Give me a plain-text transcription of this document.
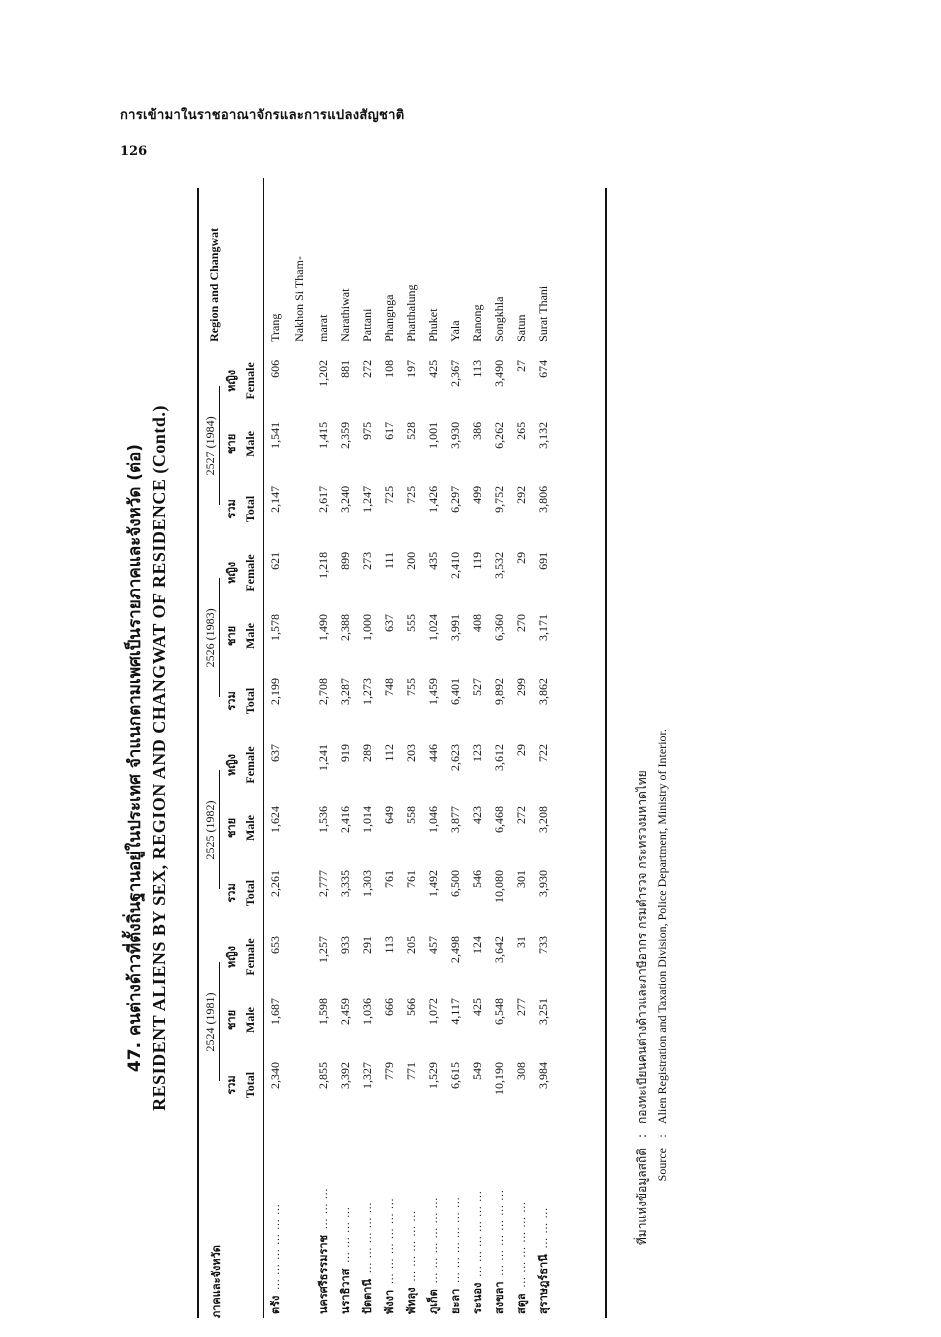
การเข้ามาในราชอาณาจักรและการแปลงสัญชาติ
126
47. คนต่างด้าวที่ตั้งถิ่นฐานอยู่ในประเทศ จำแนกตามเพศเป็นรายภาคและจังหวัด (ต่อ) RESIDENT ALIENS BY SEX, REGION AND CHANGWAT OF RESIDENCE (Contd.)
ภาคและจังหวัด	2524 (1981)			2525 (1982)			2526 (1983)			2527 (1984)			Region and Changwat
	รวม	ชาย	หญิง	รวม	ชาย	หญิง	รวม	ชาย	หญิง	รวม	ชาย	หญิง	
	Total	Male	Female	Total	Male	Female	Total	Male	Female	Total	Male	Female	

ตรัง... ... ... ... ... ...	2,340	1,687	653	2,261	1,624	637	2,199	1,578	621	2,147	1,541	606	Trang
													Nakhon Si Tham-
นครศรีธรรมราช... ... ...	2,855	1,598	1,257	2,777	1,536	1,241	2,708	1,490	1,218	2,617	1,415	1,202	marat
นราธิวาส... ... ... ...	3,392	2,459	933	3,335	2,416	919	3,287	2,388	899	3,240	2,359	881	Narathiwat
ปัตตานี... ... ... ... ...	1,327	1,036	291	1,303	1,014	289	1,273	1,000	273	1,247	975	272	Pattani
พังงา... ... ... ... ... ...	779	666	113	761	649	112	748	637	111	725	617	108	Phangnga
พัทลุง... ... ... ... ...	771	566	205	761	558	203	755	555	200	725	528	197	Phatthalung
ภูเก็ต... ... ... ... ... ...	1,529	1,072	457	1,492	1,046	446	1,459	1,024	435	1,426	1,001	425	Phuket
ยะลา... ... ... ... ... ...	6,615	4,117	2,498	6,500	3,877	2,623	6,401	3,991	2,410	6,297	3,930	2,367	Yala
ระนอง... ... ... ... ... ...	549	425	124	546	423	123	527	408	119	499	386	113	Ranong
สงขลา... ... ... ... ... ...	10,190	6,548	3,642	10,080	6,468	3,612	9,892	6,360	3,532	9,752	6,262	3,490	Songkhla
สตูล... ... ... ... ... ...	308	277	31	301	272	29	299	270	29	292	265	27	Satun
สุราษฎร์ธานี... ... ...	3,984	3,251	733	3,930	3,208	722	3,862	3,171	691	3,806	3,132	674	Surat Thani
ที่มาแห่งข้อมูลสถิติ:กองทะเบียนคนต่างด้าวและภาษีอากร กรมตำรวจ กระทรวงมหาดไทย
Source:Alien Registration and Taxation Division, Police Department, Ministry of Interior.
